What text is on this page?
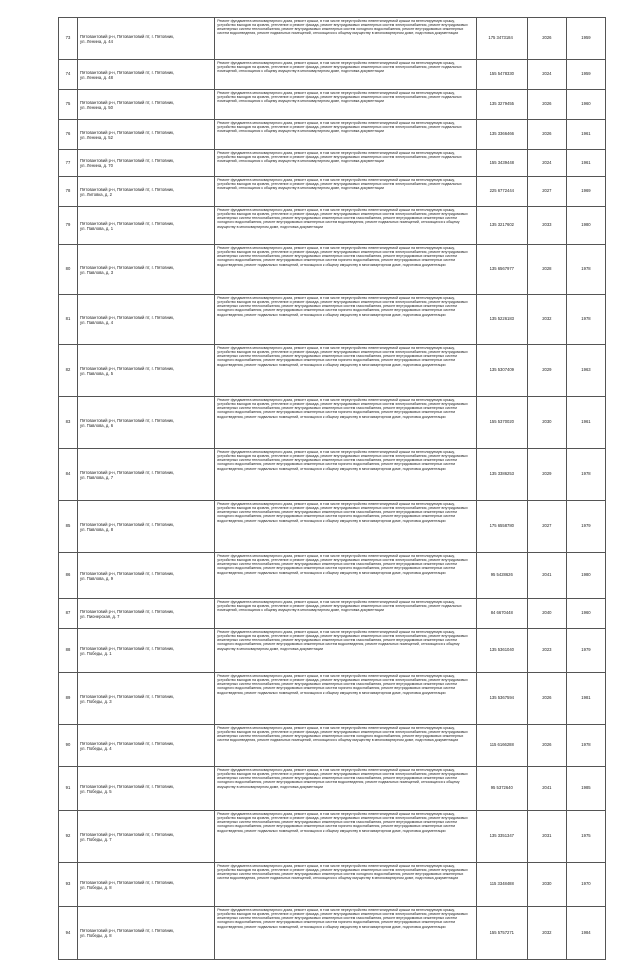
73	Пятовантовий р-н, Пятовантовий пт, г. Пятовник,
ул. Ленина, д. 44	Ремонт фундамента многоквартирного дома, ремонт крыши, в том числе переустройство невентилируемой крыши на вентилируемую крышу, устройство выходов на кровлю, утепление и ремонт фасада, ремонт внутридомовых инженерных систем электроснабжения, ремонт внутридомовых инженерных систем теплоснабжения, ремонт внутридомовых инженерных систем холодного водоснабжения, ремонт внутридомовых инженерных систем водоотведения, ремонт подвальных помещений, относящихся к общему имуществу в многоквартирном доме, подготовка документации	175 3473184	2026	1959
74	Пятовантовий р-н, Пятовантовий пт, г. Пятовник,
ул. Ленина, д. 48	Ремонт фундамента многоквартирного дома, ремонт крыши, в том числе переустройство невентилируемой крыши на вентилируемую крышу, устройство выходов на кровлю, утепление и ремонт фасада, ремонт внутридомовых инженерных систем электроснабжения, ремонт подвальных помещений, относящихся к общему имуществу в многоквартирном доме, подготовка документации	155 5478330	2024	1959
75	Пятовантовий р-н, Пятовантовий пт, г. Пятовник,
ул. Ленина, д. 50	Ремонт фундамента многоквартирного дома, ремонт крыши, в том числе переустройство невентилируемой крыши на вентилируемую крышу, устройство выходов на кровлю, утепление и ремонт фасада, ремонт внутридомовых инженерных систем электроснабжения, ремонт подвальных помещений, относящихся к общему имуществу в многоквартирном доме, подготовка документации	135 3279455	2026	1960
76	Пятовантовий р-н, Пятовантовий пт, г. Пятовник,
ул. Ленина, д. 52	Ремонт фундамента многоквартирного дома, ремонт крыши, в том числе переустройство невентилируемой крыши на вентилируемую крышу, устройство выходов на кровлю, утепление и ремонт фасада, ремонт внутридомовых инженерных систем электроснабжения, ремонт подвальных помещений, относящихся к общему имуществу в многоквартирном доме, подготовка документации	135 3366466	2026	1961
77	Пятовантовий р-н, Пятовантовий пт, г. Пятовник,
ул. Ленина, д. 70	Ремонт фундамента многоквартирного дома, ремонт крыши, в том числе переустройство невентилируемой крыши на вентилируемую крышу, устройство выходов на кровлю, утепление и ремонт фасада, ремонт внутридомовых инженерных систем электроснабжения, ремонт подвальных помещений, относящихся к общему имуществу в многоквартирном доме, подготовка документации	155 3439448	2024	1961
78	Пятовантовий р-н, Пятовантовий пт, г. Пятовник,
ул. Литовка, д. 2	Ремонт фундамента многоквартирного дома, ремонт крыши, в том числе переустройство невентилируемой крыши на вентилируемую крышу, устройство выходов на кровлю, утепление и ремонт фасада, ремонт внутридомовых инженерных систем электроснабжения, ремонт подвальных помещений, относящихся к общему имуществу в многоквартирном доме, подготовка документации	225 6772444	2027	1969
79	Пятовантовий р-н, Пятовантовий пт, г. Пятовник,
ул. Павлова, д. 1	Ремонт фундамента многоквартирного дома, ремонт крыши, в том числе переустройство невентилируемой крыши на вентилируемую крышу, устройство выходов на кровлю, утепление и ремонт фасада, ремонт внутридомовых инженерных систем электроснабжения, ремонт внутридомовых инженерных систем теплоснабжения, ремонт внутридомовых инженерных систем газоснабжения, ремонт внутридомовых инженерных систем холодного водоснабжения, ремонт внутридомовых инженерных систем водоотведения, ремонт подвальных помещений, относящихся к общему имуществу в многоквартирном доме, подготовка документации	135 3217602	2033	1980
80	Пятовантовий р-н, Пятовантовий пт, г. Пятовник,
ул. Павлова, д. 3	Ремонт фундамента многоквартирного дома, ремонт крыши, в том числе переустройство невентилируемой крыши на вентилируемую крышу, устройство выходов на кровлю, утепление и ремонт фасада, ремонт внутридомовых инженерных систем электроснабжения, ремонт внутридомовых инженерных систем теплоснабжения, ремонт внутридомовых инженерных систем газоснабжения, ремонт внутридомовых инженерных систем холодного водоснабжения, ремонт внутридомовых инженерных систем горячего водоснабжения, ремонт внутридомовых инженерных систем водоотведения, ремонт подвальных помещений, относящихся к общему имуществу в многоквартирном доме, подготовка документации	135 6567977	2028	1978
81	Пятовантовий р-н, Пятовантовий пт, г. Пятовник,
ул. Павлова, д. 4	Ремонт фундамента многоквартирного дома, ремонт крыши, в том числе переустройство невентилируемой крыши на вентилируемую крышу, устройство выходов на кровлю, утепление и ремонт фасада, ремонт внутридомовых инженерных систем электроснабжения, ремонт внутридомовых инженерных систем теплоснабжения, ремонт внутридомовых инженерных систем газоснабжения, ремонт внутридомовых инженерных систем холодного водоснабжения, ремонт внутридомовых инженерных систем горячего водоснабжения, ремонт внутридомовых инженерных систем водоотведения, ремонт подвальных помещений, относящихся к общему имуществу в многоквартирном доме, подготовка документации	135 5226183	2032	1978
82	Пятовантовий р-н, Пятовантовий пт, г. Пятовник,
ул. Павлова, д. 5	Ремонт фундамента многоквартирного дома, ремонт крыши, в том числе переустройство невентилируемой крыши на вентилируемую крышу, устройство выходов на кровлю, утепление и ремонт фасада, ремонт внутридомовых инженерных систем электроснабжения, ремонт внутридомовых инженерных систем теплоснабжения, ремонт внутридомовых инженерных систем газоснабжения, ремонт внутридомовых инженерных систем холодного водоснабжения, ремонт внутридомовых инженерных систем горячего водоснабжения, ремонт внутридомовых инженерных систем водоотведения, ремонт подвальных помещений, относящихся к общему имуществу в многоквартирном доме, подготовка документации	135 5307409	2029	1963
83	Пятовантовий р-н, Пятовантовий пт, г. Пятовник,
ул. Павлова, д. 6	Ремонт фундамента многоквартирного дома, ремонт крыши, в том числе переустройство невентилируемой крыши на вентилируемую крышу, устройство выходов на кровлю, утепление и ремонт фасада, ремонт внутридомовых инженерных систем электроснабжения, ремонт внутридомовых инженерных систем теплоснабжения, ремонт внутридомовых инженерных систем газоснабжения, ремонт внутридомовых инженерных систем холодного водоснабжения, ремонт внутридомовых инженерных систем горячего водоснабжения, ремонт внутридомовых инженерных систем водоотведения, ремонт подвальных помещений, относящихся к общему имуществу в многоквартирном доме, подготовка документации	155 5370020	2030	1961
84	Пятовантовий р-н, Пятовантовий пт, г. Пятовник,
ул. Павлова, д. 7	Ремонт фундамента многоквартирного дома, ремонт крыши, в том числе переустройство невентилируемой крыши на вентилируемую крышу, устройство выходов на кровлю, утепление и ремонт фасада, ремонт внутридомовых инженерных систем электроснабжения, ремонт внутридомовых инженерных систем теплоснабжения, ремонт внутридомовых инженерных систем газоснабжения, ремонт внутридомовых инженерных систем холодного водоснабжения, ремонт внутридомовых инженерных систем горячего водоснабжения, ремонт внутридомовых инженерных систем водоотведения, ремонт подвальных помещений, относящихся к общему имуществу в многоквартирном доме, подготовка документации	135 3386253	2029	1978
85	Пятовантовий р-н, Пятовантовий пт, г. Пятовник,
ул. Павлова, д. 8	Ремонт фундамента многоквартирного дома, ремонт крыши, в том числе переустройство невентилируемой крыши на вентилируемую крышу, устройство выходов на кровлю, утепление и ремонт фасада, ремонт внутридомовых инженерных систем электроснабжения, ремонт внутридомовых инженерных систем теплоснабжения, ремонт внутридомовых инженерных систем газоснабжения, ремонт внутридомовых инженерных систем холодного водоснабжения, ремонт внутридомовых инженерных систем горячего водоснабжения, ремонт внутридомовых инженерных систем водоотведения, ремонт подвальных помещений, относящихся к общему имуществу в многоквартирном доме, подготовка документации	175 6558780	2027	1979
86	Пятовантовий р-н, Пятовантовий пт, г. Пятовник,
ул. Павлова, д. 9	Ремонт фундамента многоквартирного дома, ремонт крыши, в том числе переустройство невентилируемой крыши на вентилируемую крышу, устройство выходов на кровлю, утепление и ремонт фасада, ремонт внутридомовых инженерных систем электроснабжения, ремонт внутридомовых инженерных систем теплоснабжения, ремонт внутридомовых инженерных систем газоснабжения, ремонт внутридомовых инженерных систем холодного водоснабжения, ремонт внутридомовых инженерных систем горячего водоснабжения, ремонт внутридомовых инженерных систем водоотведения, ремонт подвальных помещений, относящихся к общему имуществу в многоквартирном доме, подготовка документации	95 5428626	2041	1980
87	Пятовантовий р-н, Пятовантовий пт, г. Пятовник,
ул. Пионерская, д. 7	Ремонт фундамента многоквартирного дома, ремонт крыши, в том числе переустройство невентилируемой крыши на вентилируемую крышу, устройство выходов на кровлю, утепление и ремонт фасада, ремонт внутридомовых инженерных систем электроснабжения, ремонт подвальных помещений, относящихся к общему имуществу в многоквартирном доме, подготовка документации	84 6670448	2040	1960
88	Пятовантовий р-н, Пятовантовий пт, г. Пятовник,
ул. Победы, д. 1	Ремонт фундамента многоквартирного дома, ремонт крыши, в том числе переустройство невентилируемой крыши на вентилируемую крышу, устройство выходов на кровлю, утепление и ремонт фасада, ремонт внутридомовых инженерных систем электроснабжения, ремонт внутридомовых инженерных систем теплоснабжения, ремонт внутридомовых инженерных систем газоснабжения, ремонт внутридомовых инженерных систем холодного водоснабжения, ремонт внутридомовых инженерных систем водоотведения, ремонт подвальных помещений, относящихся к общему имуществу в многоквартирном доме, подготовка документации	135 5361040	2023	1979
89	Пятовантовий р-н, Пятовантовий пт, г. Пятовник,
ул. Победы, д. 3	Ремонт фундамента многоквартирного дома, ремонт крыши, в том числе переустройство невентилируемой крыши на вентилируемую крышу, устройство выходов на кровлю, утепление и ремонт фасада, ремонт внутридомовых инженерных систем электроснабжения, ремонт внутридомовых инженерных систем теплоснабжения, ремонт внутридомовых инженерных систем газоснабжения, ремонт внутридомовых инженерных систем холодного водоснабжения, ремонт внутридомовых инженерных систем горячего водоснабжения, ремонт внутридомовых инженерных систем водоотведения, ремонт подвальных помещений, относящихся к общему имуществу в многоквартирном доме, подготовка документации	135 5367594	2026	1981
90	Пятовантовий р-н, Пятовантовий пт, г. Пятовник,
ул. Победы, д. 4	Ремонт фундамента многоквартирного дома, ремонт крыши, в том числе переустройство невентилируемой крыши на вентилируемую крышу, устройство выходов на кровлю, утепление и ремонт фасада, ремонт внутридомовых инженерных систем электроснабжения, ремонт внутридомовых инженерных систем теплоснабжения, ремонт внутридомовых инженерных систем холодного водоснабжения, ремонт внутридомовых инженерных систем водоотведения, ремонт подвальных помещений, относящихся к общему имуществу в многоквартирном доме, подготовка документации	115 6166288	2026	1978
91	Пятовантовий р-н, Пятовантовий пт, г. Пятовник,
ул. Победы, д. 5	Ремонт фундамента многоквартирного дома, ремонт крыши, в том числе переустройство невентилируемой крыши на вентилируемую крышу, устройство выходов на кровлю, утепление и ремонт фасада, ремонт внутридомовых инженерных систем электроснабжения, ремонт внутридомовых инженерных систем теплоснабжения, ремонт внутридомовых инженерных систем газоснабжения, ремонт внутридомовых инженерных систем холодного водоснабжения, ремонт внутридомовых инженерных систем водоотведения, ремонт подвальных помещений, относящихся к общему имуществу в многоквартирном доме, подготовка документации	95 5372640	2041	1985
92	Пятовантовий р-н, Пятовантовий пт, г. Пятовник,
ул. Победы, д. 7	Ремонт фундамента многоквартирного дома, ремонт крыши, в том числе переустройство невентилируемой крыши на вентилируемую крышу, устройство выходов на кровлю, утепление и ремонт фасада, ремонт внутридомовых инженерных систем электроснабжения, ремонт внутридомовых инженерных систем теплоснабжения, ремонт внутридомовых инженерных систем газоснабжения, ремонт внутридомовых инженерных систем холодного водоснабжения, ремонт внутридомовых инженерных систем горячего водоснабжения, ремонт внутридомовых инженерных систем водоотведения, ремонт подвальных помещений, относящихся к общему имуществу в многоквартирном доме, подготовка документации	135 3351347	2031	1975
93	Пятовантовий р-н, Пятовантовий пт, г. Пятовник,
ул. Победы, д. 8	Ремонт фундамента многоквартирного дома, ремонт крыши, в том числе переустройство невентилируемой крыши на вентилируемую крышу, устройство выходов на кровлю, утепление и ремонт фасада, ремонт внутридомовых инженерных систем электроснабжения, ремонт внутридомовых инженерных систем теплоснабжения, ремонт внутридомовых инженерных систем холодного водоснабжения, ремонт внутридомовых инженерных систем водоотведения, ремонт подвальных помещений, относящихся к общему имуществу в многоквартирном доме, подготовка документации	115 3348488	2030	1970
94	Пятовантовий р-н, Пятовантовий пт, г. Пятовник,
ул. Победы, д. 8	Ремонт фундамента многоквартирного дома, ремонт крыши, в том числе переустройство невентилируемой крыши на вентилируемую крышу, устройство выходов на кровлю, утепление и ремонт фасада, ремонт внутридомовых инженерных систем электроснабжения, ремонт внутридомовых инженерных систем теплоснабжения, ремонт внутридомовых инженерных систем газоснабжения, ремонт внутридомовых инженерных систем холодного водоснабжения, ремонт внутридомовых инженерных систем горячего водоснабжения, ремонт внутридомовых инженерных систем водоотведения, ремонт подвальных помещений, относящихся к общему имуществу в многоквартирном доме, подготовка документации	155 5757271	2032	1984
